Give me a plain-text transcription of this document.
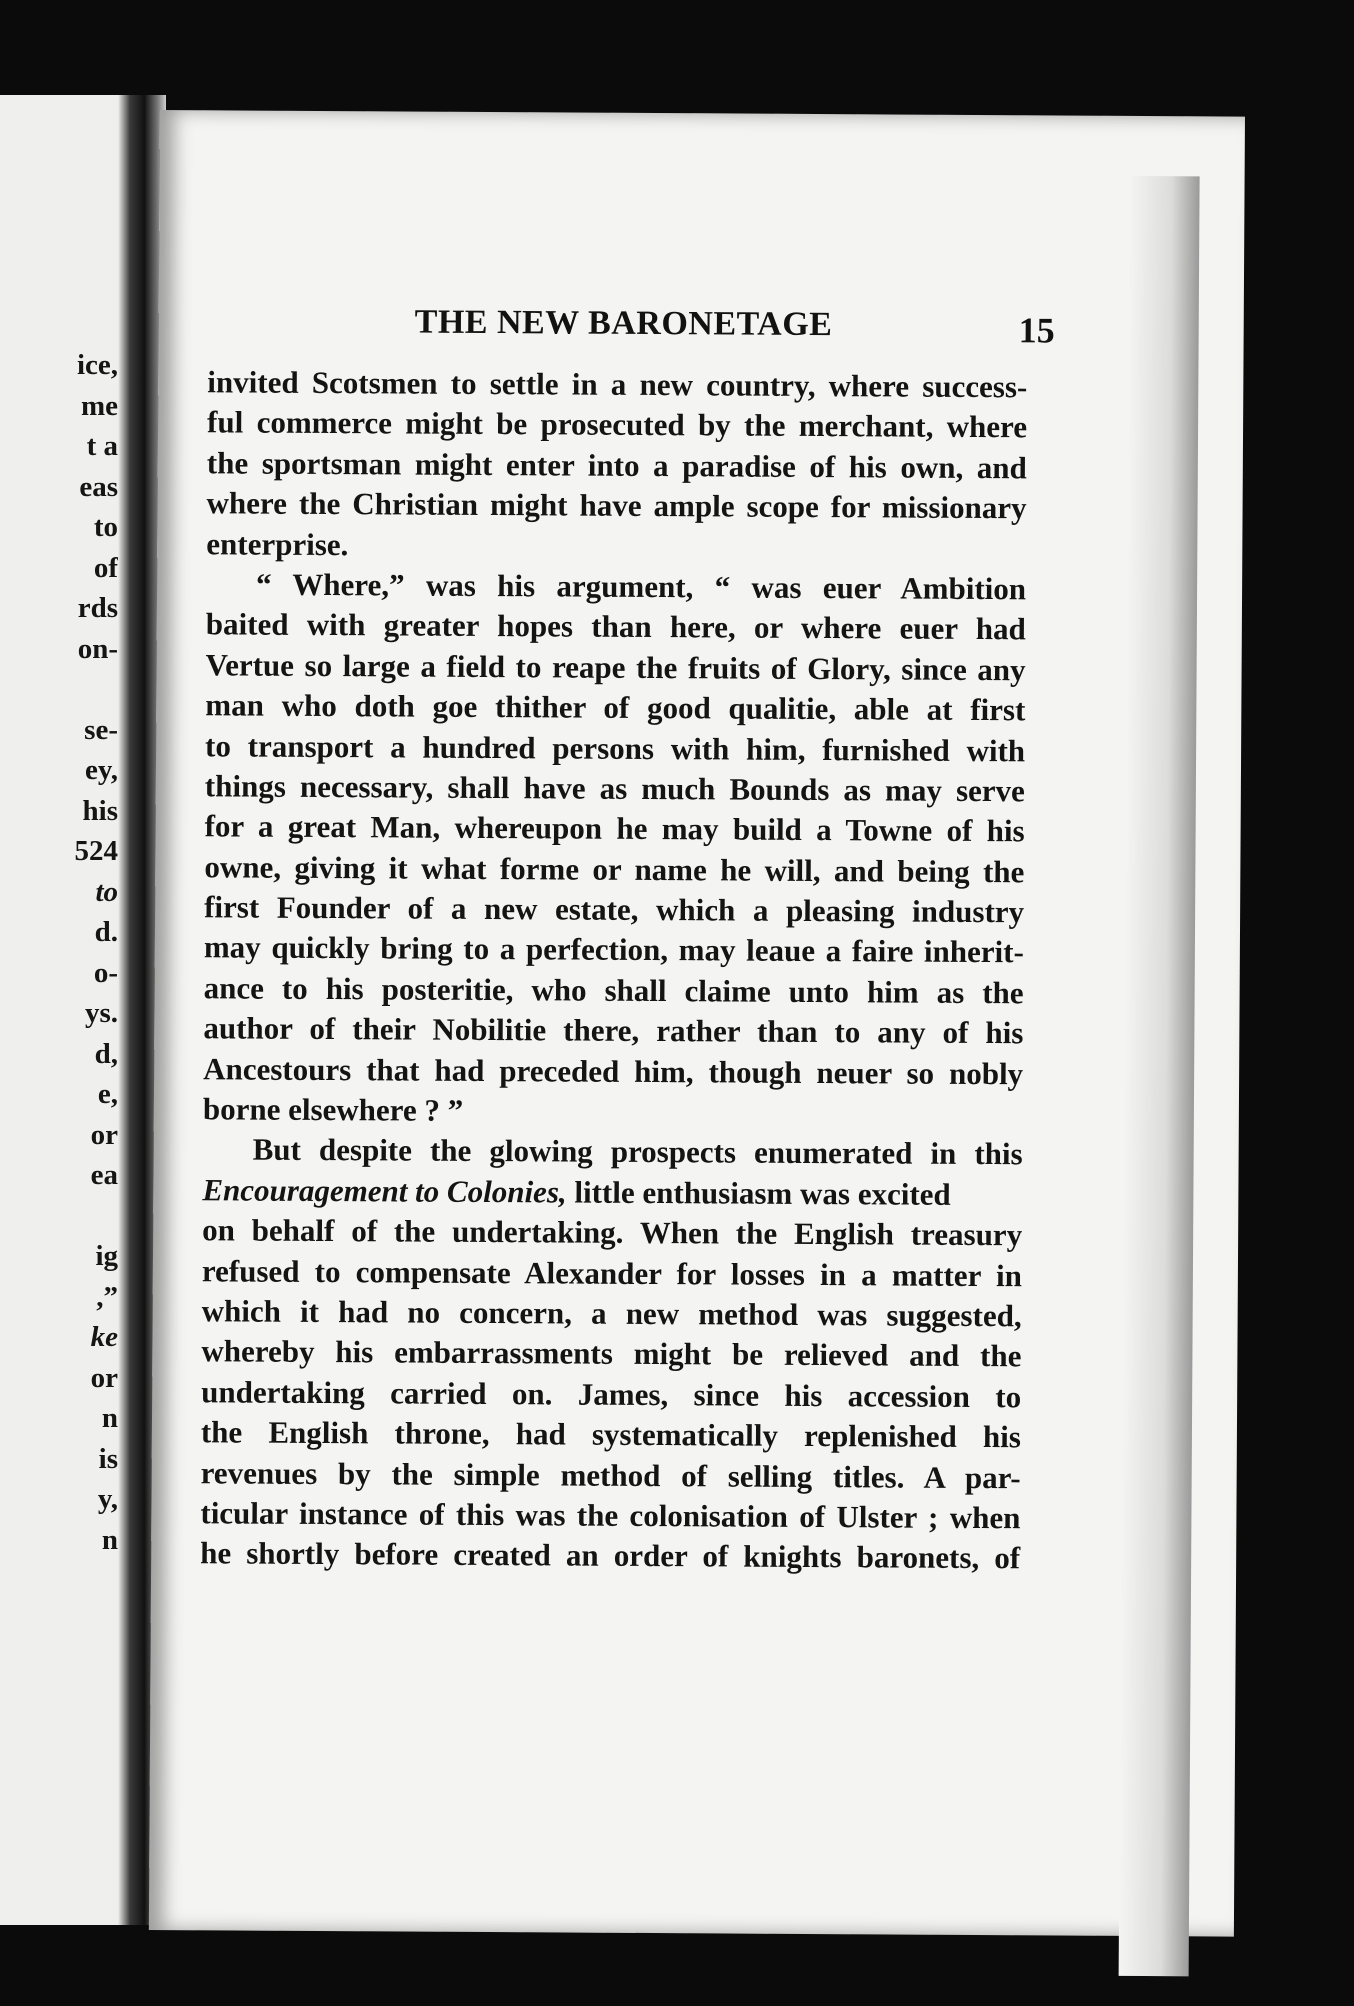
ice,
me
t a
eas
to
of
rds
on-
se-
ey,
his
524
to
d.
o-
ys.
d,
e,
or
ea
ig
,”
ke
or
n
is
y,
n
THE NEW BARONETAGE	15
invited Scotsmen to settle in a new country, where success-
ful commerce might be prosecuted by the merchant, where
the sportsman might enter into a paradise of his own, and
where the Christian might have ample scope for missionary
enterprise.
“ Where,” was his argument, “ was euer Ambition
baited with greater hopes than here, or where euer had
Vertue so large a field to reape the fruits of Glory, since any
man who doth goe thither of good qualitie, able at first
to transport a hundred persons with him, furnished with
things necessary, shall have as much Bounds as may serve
for a great Man, whereupon he may build a Towne of his
owne, giving it what forme or name he will, and being the
first Founder of a new estate, which a pleasing industry
may quickly bring to a perfection, may leaue a faire inherit-
ance to his posteritie, who shall claime unto him as the
author of their Nobilitie there, rather than to any of his
Ancestours that had preceded him, though neuer so nobly
borne elsewhere ? ”
But despite the glowing prospects enumerated in this
Encouragement to Colonies, little enthusiasm was excited
on behalf of the undertaking. When the English treasury
refused to compensate Alexander for losses in a matter in
which it had no concern, a new method was suggested,
whereby his embarrassments might be relieved and the
undertaking carried on. James, since his accession to
the English throne, had systematically replenished his
revenues by the simple method of selling titles. A par-
ticular instance of this was the colonisation of Ulster ; when
he shortly before created an order of knights baronets, of
